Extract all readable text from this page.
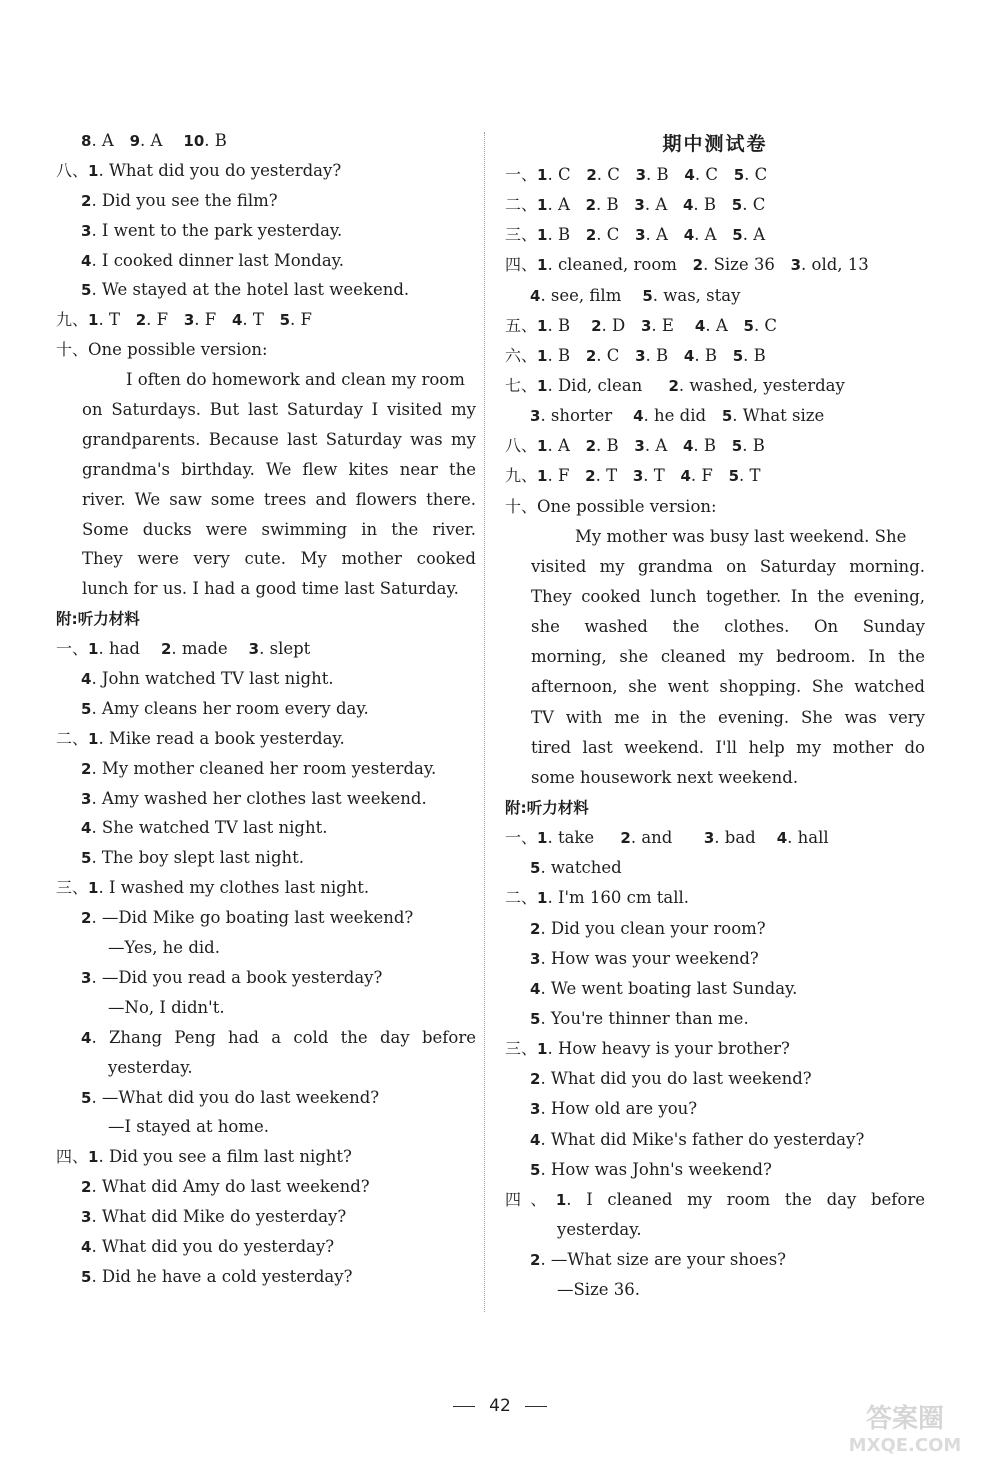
8. A   9. A    10. B
八、1. What did you do yesterday?
2. Did you see the film?
3. I went to the park yesterday.
4. I cooked dinner last Monday.
5. We stayed at the hotel last weekend.
九、1. T   2. F   3. F   4. T   5. F
十、One possible version:
I often do homework and clean my room
on Saturdays. But last Saturday I visited my
grandparents. Because last Saturday was my
grandma's birthday. We flew kites near the
river. We saw some trees and flowers there.
Some ducks were swimming in the river.
They were very cute. My mother cooked
lunch for us. I had a good time last Saturday.
附:听力材料
一、1. had    2. made    3. slept
4. John watched TV last night.
5. Amy cleans her room every day.
二、1. Mike read a book yesterday.
2. My mother cleaned her room yesterday.
3. Amy washed her clothes last weekend.
4. She watched TV last night.
5. The boy slept last night.
三、1. I washed my clothes last night.
2. —Did Mike go boating last weekend?
—Yes, he did.
3. —Did you read a book yesterday?
—No, I didn't.
4. Zhang Peng had a cold the day before
yesterday.
5. —What did you do last weekend?
—I stayed at home.
四、1. Did you see a film last night?
2. What did Amy do last weekend?
3. What did Mike do yesterday?
4. What did you do yesterday?
5. Did he have a cold yesterday?
期中测试卷
一、1. C   2. C   3. B   4. C   5. C
二、1. A   2. B   3. A   4. B   5. C
三、1. B   2. C   3. A   4. A   5. A
四、1. cleaned, room   2. Size 36   3. old, 13
4. see, film    5. was, stay
五、1. B    2. D   3. E    4. A   5. C
六、1. B   2. C   3. B   4. B   5. B
七、1. Did, clean     2. washed, yesterday
3. shorter    4. he did   5. What size
八、1. A   2. B   3. A   4. B   5. B
九、1. F   2. T   3. T   4. F   5. T
十、One possible version:
My mother was busy last weekend. She
visited my grandma on Saturday morning.
They cooked lunch together. In the evening,
she washed the clothes. On Sunday
morning, she cleaned my bedroom. In the
afternoon, she went shopping. She watched
TV with me in the evening. She was very
tired last weekend. I'll help my mother do
some housework next weekend.
附:听力材料
一、1. take     2. and      3. bad    4. hall
5. watched
二、1. I'm 160 cm tall.
2. Did you clean your room?
3. How was your weekend?
4. We went boating last Sunday.
5. You're thinner than me.
三、1. How heavy is your brother?
2. What did you do last weekend?
3. How old are you?
4. What did Mike's father do yesterday?
5. How was John's weekend?
四、1. I cleaned my room the day before
yesterday.
2. —What size are your shoes?
—Size 36.
42	答案圈
MXQE.COM
